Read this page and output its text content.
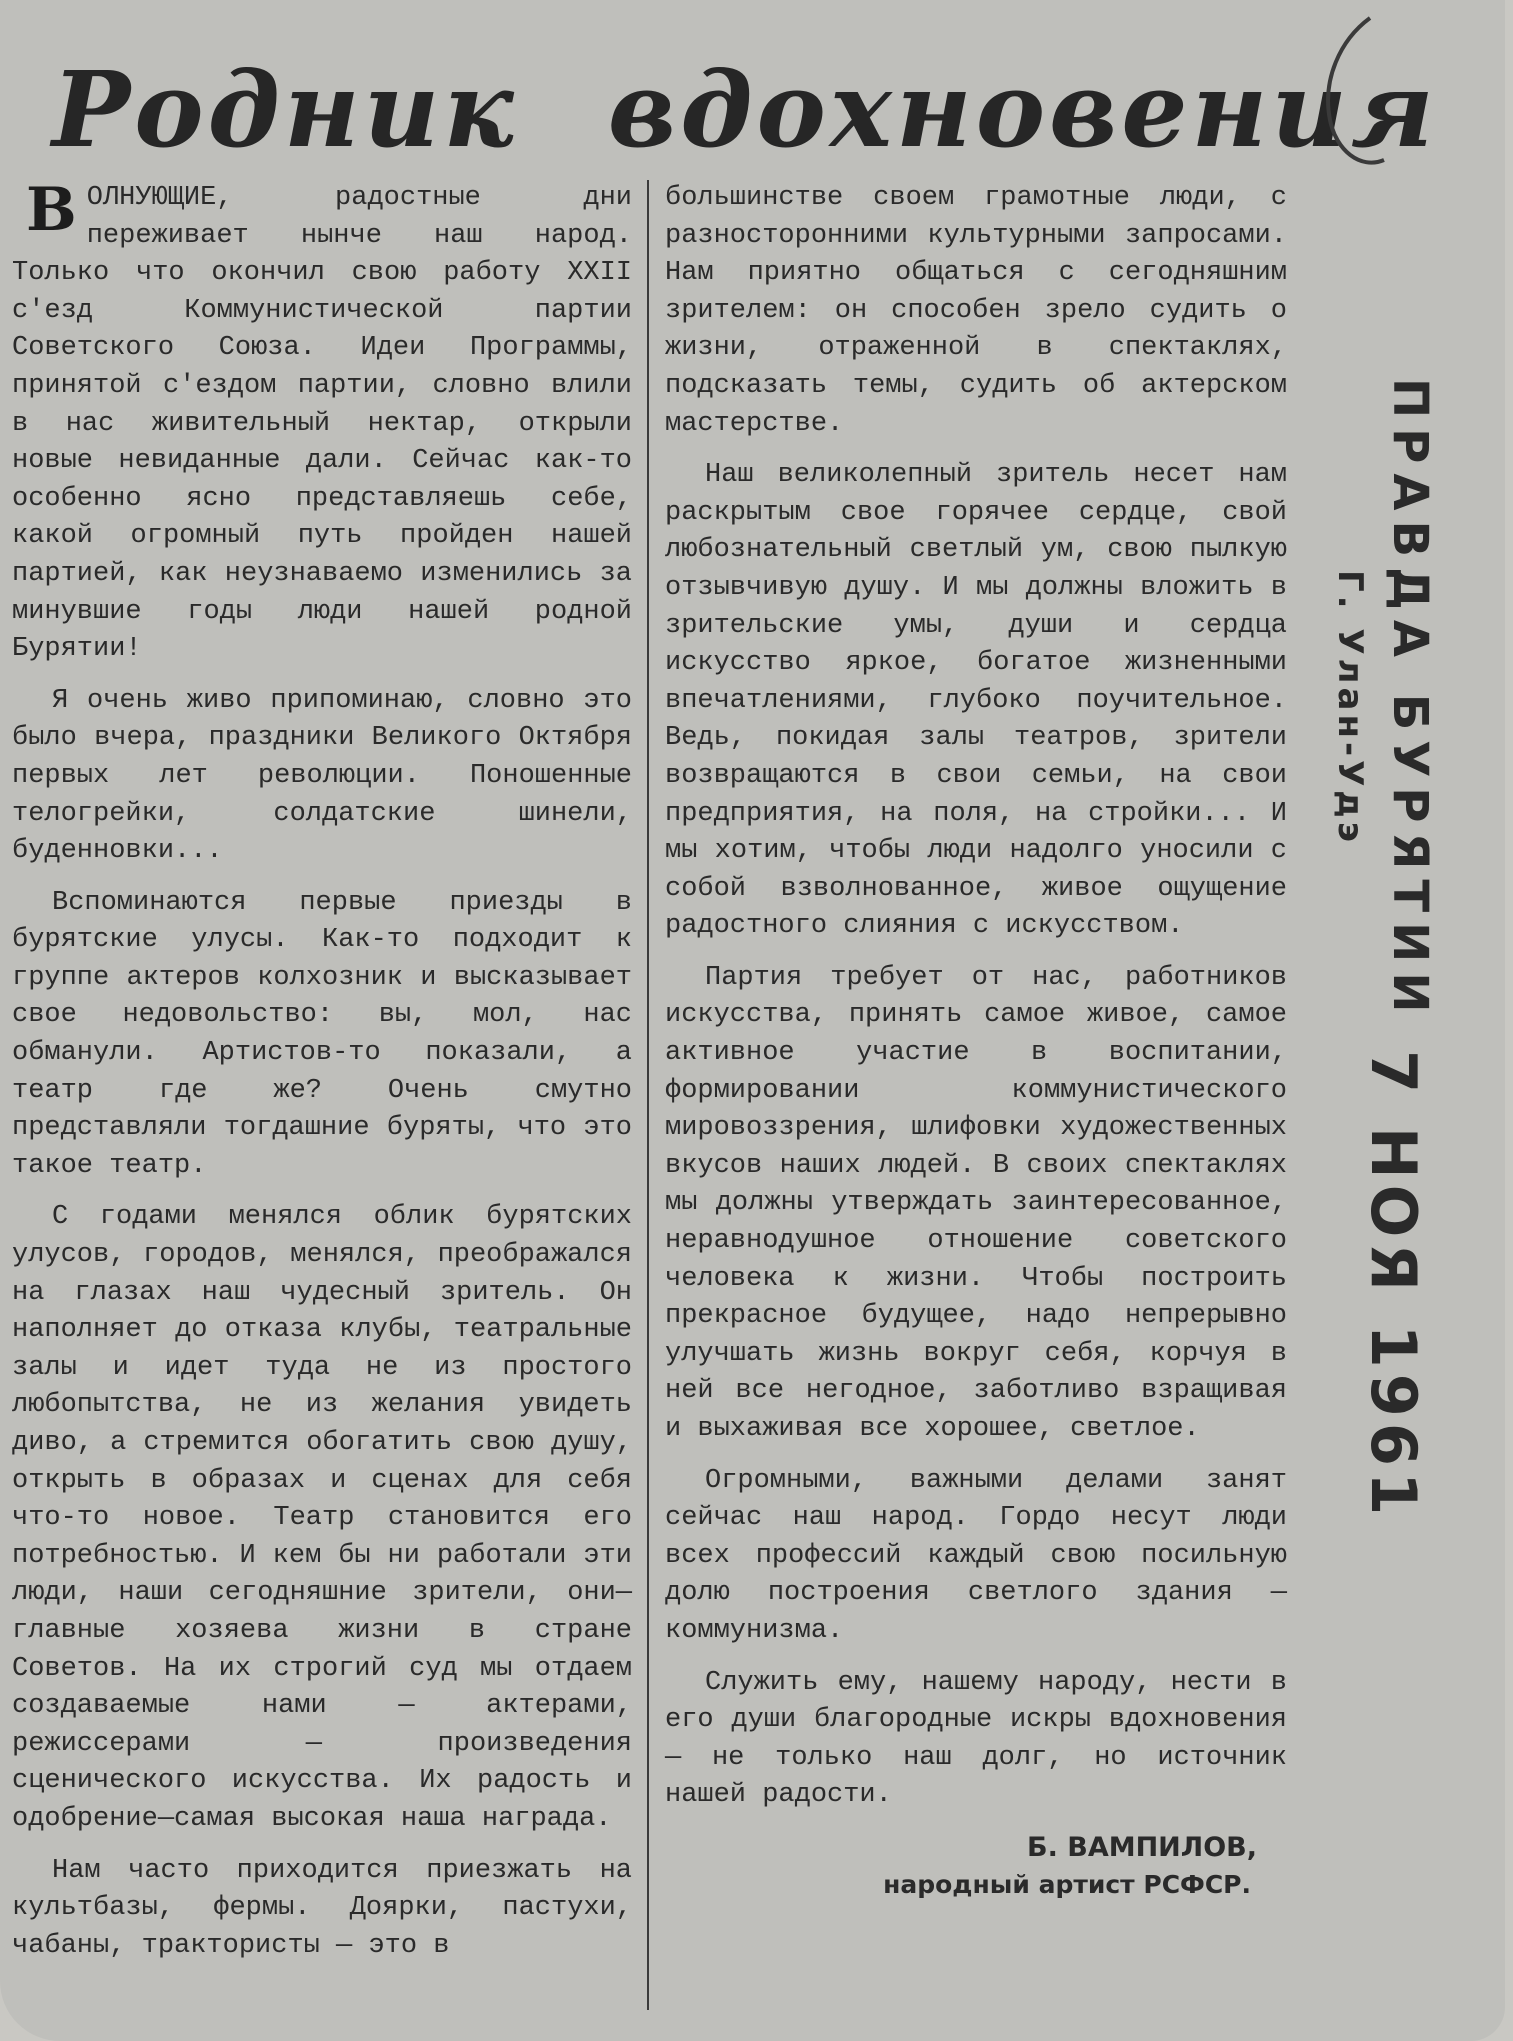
Родник вдохновения

В ОЛНУЮЩИЕ, радостные дни переживает нынче наш народ. Только что окончил свою работу XXII с'езд Коммунистической партии Советского Союза. Идеи Программы, принятой с'ездом партии, словно влили в нас живительный нектар, открыли новые невиданные дали. Сейчас как-то особенно ясно представляешь себе, какой огромный путь пройден нашей партией, как неузнаваемо изменились за минувшие годы люди нашей родной Бурятии!

Я очень живо припоминаю, словно это было вчера, праздники Великого Октября первых лет революции. Поношенные телогрейки, солдатские шинели, буденновки...

Вспоминаются первые приезды в бурятские улусы. Как-то подходит к группе актеров колхозник и высказывает свое недовольство: вы, мол, нас обманули. Артистов-то показали, а театр где же? Очень смутно представляли тогдашние буряты, что это такое театр.

С годами менялся облик бурятских улусов, городов, менялся, преображался на глазах наш чудесный зритель. Он наполняет до отказа клубы, театральные залы и идет туда не из простого любопытства, не из желания увидеть диво, а стремится обогатить свою душу, открыть в образах и сценах для себя что-то новое. Театр становится его потребностью. И кем бы ни работали эти люди, наши сегодняшние зрители, они—главные хозяева жизни в стране Советов. На их строгий суд мы отдаем создаваемые нами — актерами, режиссерами — произведения сценического искусства. Их радость и одобрение—самая высокая наша награда.

Нам часто приходится приезжать на культбазы, фермы. Доярки, пастухи, чабаны, трактористы — это в

большинстве своем грамотные люди, с разносторонними культурными запросами. Нам приятно общаться с сегодняшним зрителем: он способен зрело судить о жизни, отраженной в спектаклях, подсказать темы, судить об актерском мастерстве.

Наш великолепный зритель несет нам раскрытым свое горячее сердце, свой любознательный светлый ум, свою пылкую отзывчивую душу. И мы должны вложить в зрительские умы, души и сердца искусство яркое, богатое жизненными впечатлениями, глубоко поучительное. Ведь, покидая залы театров, зрители возвращаются в свои семьи, на свои предприятия, на поля, на стройки... И мы хотим, чтобы люди надолго уносили с собой взволнованное, живое ощущение радостного слияния с искусством.

Партия требует от нас, работников искусства, принять самое живое, самое активное участие в воспитании, формировании коммунистического мировоззрения, шлифовки художественных вкусов наших людей. В своих спектаклях мы должны утверждать заинтересованное, неравнодушное отношение советского человека к жизни. Чтобы построить прекрасное будущее, надо непрерывно улучшать жизнь вокруг себя, корчуя в ней все негодное, заботливо взращивая и выхаживая все хорошее, светлое.

Огромными, важными делами занят сейчас наш народ. Гордо несут люди всех профессий каждый свою посильную долю построения светлого здания — коммунизма.

Служить ему, нашему народу, нести в его души благородные искры вдохновения — не только наш долг, но источник нашей радости.

Б. ВАМПИЛОВ,
народный артист РСФСР.
ПРАВДА БУРЯТИИ
Г. Улан-Удэ
7 НОЯ 1961
